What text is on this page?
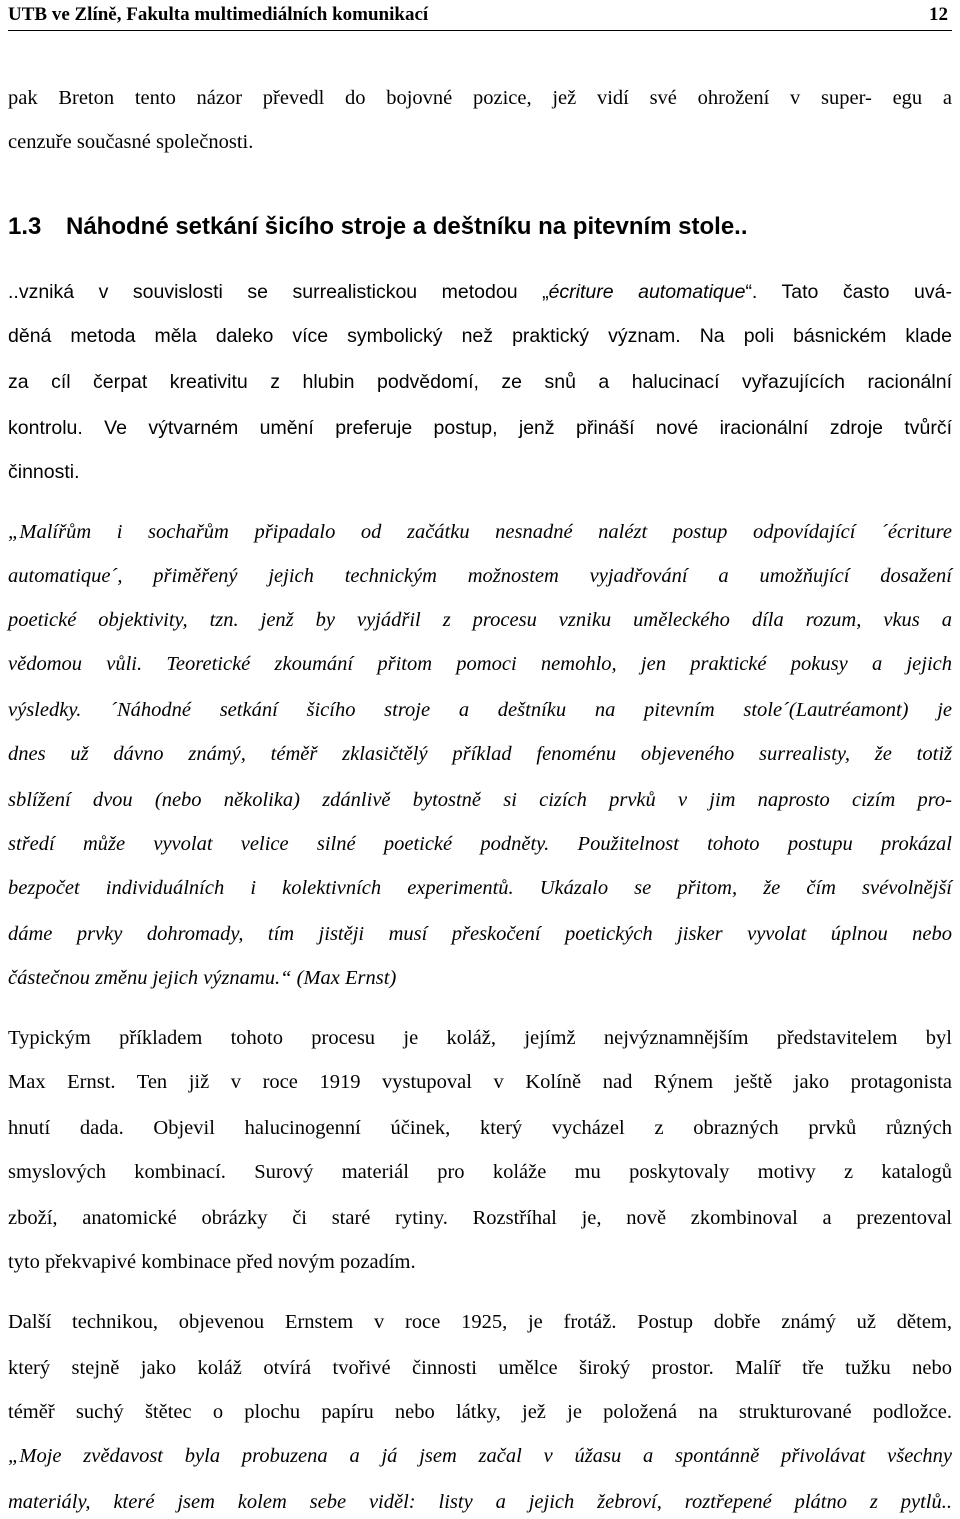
UTB ve Zlíně, Fakulta multimediálních komunikací	12
pak Breton tento názor převedl do bojovné pozice, jež vidí své ohrožení v super- egu a
cenzuře současné společnosti.
1.3 Náhodné setkání šicího stroje a deštníku na pitevním stole..
..vzniká v souvislosti se surrealistickou metodou „écriture automatique“. Tato často uvá-
děná metoda měla daleko více symbolický než praktický význam. Na poli básnickém klade
za cíl čerpat kreativitu z hlubin podvědomí, ze snů a halucinací vyřazujících racionální
kontrolu. Ve výtvarném umění preferuje postup, jenž přináší nové iracionální zdroje tvůrčí
činnosti.
„Malířům i sochařům připadalo od začátku nesnadné nalézt postup odpovídající ´écriture
automatique´, přiměřený jejich technickým možnostem vyjadřování a umožňující dosažení
poetické objektivity, tzn. jenž by vyjádřil z procesu vzniku uměleckého díla rozum, vkus a
vědomou vůli. Teoretické zkoumání přitom pomoci nemohlo, jen praktické pokusy a jejich
výsledky. ´Náhodné setkání šicího stroje a deštníku na pitevním stole´(Lautréamont) je
dnes už dávno známý, téměř zklasičtělý příklad fenoménu objeveného surrealisty, že totiž
sblížení dvou (nebo několika) zdánlivě bytostně si cizích prvků v jim naprosto cizím pro-
středí může vyvolat velice silné poetické podněty. Použitelnost tohoto postupu prokázal
bezpočet individuálních i kolektivních experimentů. Ukázalo se přitom, že čím svévolnější
dáme prvky dohromady, tím jistěji musí přeskočení poetických jisker vyvolat úplnou nebo
částečnou změnu jejich významu.“ (Max Ernst)
Typickým příkladem tohoto procesu je koláž, jejímž nejvýznamnějším představitelem byl
Max Ernst. Ten již v roce 1919 vystupoval v Kolíně nad Rýnem ještě jako protagonista
hnutí dada. Objevil halucinogenní účinek, který vycházel z obrazných prvků různých
smyslových kombinací. Surový materiál pro koláže mu poskytovaly motivy z katalogů
zboží, anatomické obrázky či staré rytiny. Rozstříhal je, nově zkombinoval a prezentoval
tyto překvapivé kombinace před novým pozadím.
Další technikou, objevenou Ernstem v roce 1925, je frotáž. Postup dobře známý už dětem,
který stejně jako koláž otvírá tvořivé činnosti umělce široký prostor. Malíř tře tužku nebo
téměř suchý štětec o plochu papíru nebo látky, jež je položená na strukturované podložce.
„Moje zvědavost byla probuzena a já jsem začal v úžasu a spontánně přivolávat všechny
materiály, které jsem kolem sebe viděl: listy a jejich žebroví, roztřepené plátno z pytlů..
